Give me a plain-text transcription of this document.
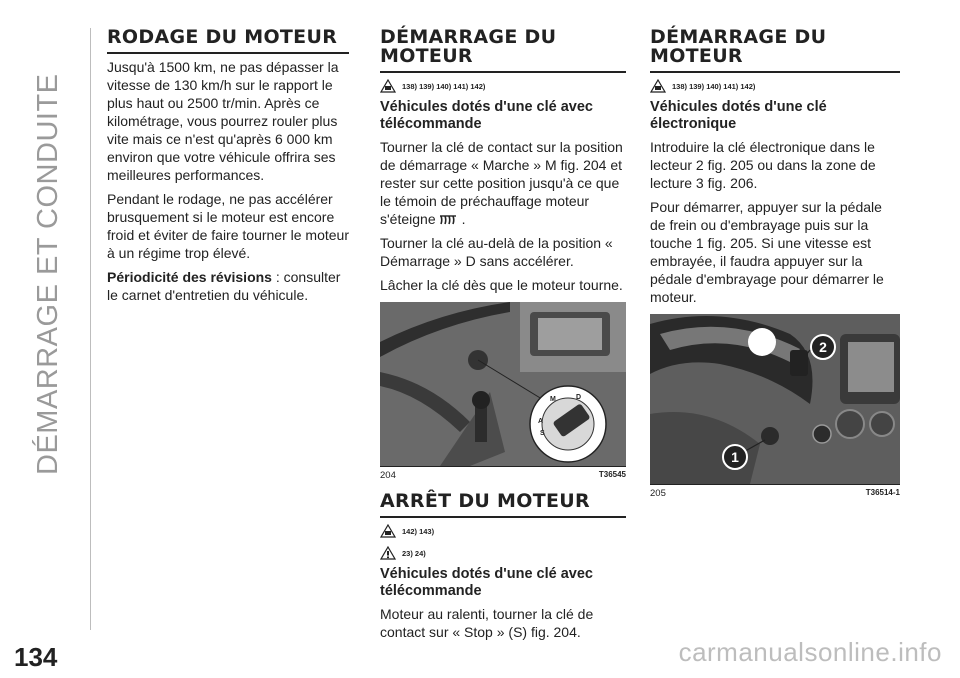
DÉMARRAGE ET CONDUITE
134	carmanualsonline.info
RODAGE DU MOTEUR

Jusqu'à 1500 km, ne pas dépasser la vitesse de 130 km/h sur le rapport le plus haut ou 2500 tr/min. Après ce kilométrage, vous pourrez rouler plus vite mais ce n'est qu'après 6 000 km environ que votre véhicule offrira ses meilleures performances.

Pendant le rodage, ne pas accélérer brusquement si le moteur est encore froid et éviter de faire tourner le moteur à un régime trop élevé.

Périodicité des révisions : consulter le carnet d'entretien du véhicule.

DÉMARRAGE DU MOTEUR
138) 139) 140) 141) 142)
Véhicules dotés d'une clé avec télécommande

Tourner la clé de contact sur la position de démarrage « Marche » M fig. 204 et rester sur cette position jusqu'à ce que le témoin de préchauffage moteur s'éteigne .

Tourner la clé au-delà de la position « Démarrage » D sans accélérer.

Lâcher la clé dès que le moteur tourne.

M
A
D
S
204	T36545
ARRÊT DU MOTEUR
142) 143)
23) 24)
Véhicules dotés d'une clé avec télécommande

Moteur au ralenti, tourner la clé de contact sur « Stop » (S) fig. 204.

DÉMARRAGE DU MOTEUR
138) 139) 140) 141) 142)
Véhicules dotés d'une clé électronique

Introduire la clé électronique dans le lecteur 2 fig. 205 ou dans la zone de lecture 3 fig. 206.

Pour démarrer, appuyer sur la pédale de frein ou d'embrayage puis sur la touche 1 fig. 205. Si une vitesse est embrayée, il faudra appuyer sur la pédale d'embrayage pour démarrer le moteur.

1
2
205	T36514-1
